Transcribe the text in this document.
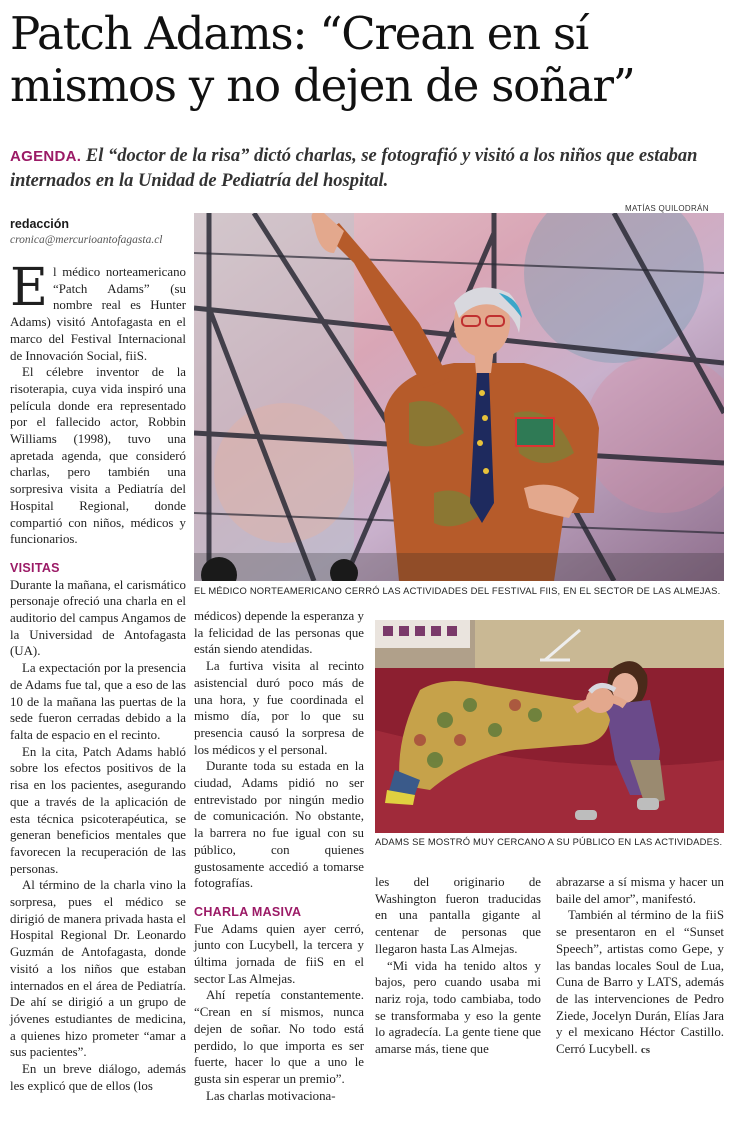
Patch Adams: “Crean en sí
mismos y no dejen de soñar”
AGENDA. El “doctor de la risa” dictó charlas, se fotografió y visitó a los niños que estaban internados en la Unidad de Pediatría del hospital.
redacción
cronica@mercurioantofagasta.cl
MATÍAS QUILODRÁN
EL MÉDICO NORTEAMERICANO CERRÓ LAS ACTIVIDADES DEL FESTIVAL FIIS, EN EL SECTOR DE LAS ALMEJAS.
ADAMS SE MOSTRÓ MUY CERCANO A SU PÚBLICO EN LAS ACTIVIDADES.

El médico norteamericano “Patch Adams” (su nombre real es Hunter Adams) visitó Antofagasta en el marco del Festival Internacional de Innovación Social, fiiS.

El célebre inventor de la risoterapia, cuya vida inspiró una película donde era representado por el fallecido actor, Robbin Williams (1998), tuvo una apretada agenda, que consideró charlas, pero también una sorpresiva visita a Pediatría del Hospital Regional, donde compartió con niños, médicos y funcionarios.

VISITAS

Durante la mañana, el carismático personaje ofreció una charla en el auditorio del campus Angamos de la Universidad de Antofagasta (UA).

La expectación por la presencia de Adams fue tal, que a eso de las 10 de la mañana las puertas de la sede fueron cerradas debido a la falta de espacio en el recinto.

En la cita, Patch Adams habló sobre los efectos positivos de la risa en los pacientes, asegurando que a través de la aplicación de esta técnica psicoterapéutica, se generan beneficios mentales que favorecen la recuperación de las personas.

Al término de la charla vino la sorpresa, pues el médico se dirigió de manera privada hasta el Hospital Regional Dr. Leonardo Guzmán de Antofagasta, donde visitó a los niños que estaban internados en el área de Pediatría. De ahí se dirigió a un grupo de jóvenes estudiantes de medicina, a quienes hizo prometer “amar a sus pacientes”.

En un breve diálogo, además les explicó que de ellos (los

médicos) depende la esperanza y la felicidad de las personas que están siendo atendidas.

La furtiva visita al recinto asistencial duró poco más de una hora, y fue coordinada el mismo día, por lo que su presencia causó la sorpresa de los médicos y el personal.

Durante toda su estada en la ciudad, Adams pidió no ser entrevistado por ningún medio de comunicación. No obstante, la barrera no fue igual con su público, con quienes gustosamente accedió a tomarse fotografías.

CHARLA MASIVA

Fue Adams quien ayer cerró, junto con Lucybell, la tercera y última jornada de fiiS en el sector Las Almejas.

Ahí repetía constantemente. “Crean en sí mismos, nunca dejen de soñar. No todo está perdido, lo que importa es ser fuerte, hacer lo que a uno le gusta sin esperar un premio”.

Las charlas motivaciona-

les del originario de Washington fueron traducidas en una pantalla gigante al centenar de personas que llegaron hasta Las Almejas.

“Mi vida ha tenido altos y bajos, pero cuando usaba mi nariz roja, todo cambiaba, todo se transformaba y eso la gente lo agradecía. La gente tiene que amarse más, tiene que

abrazarse a sí misma y hacer un baile del amor”, manifestó.

También al término de la fiiS se presentaron en el “Sunset Speech”, artistas como Gepe, y las bandas locales Soul de Lua, Cuna de Barro y LATS, además de las intervenciones de Pedro Ziede, Jocelyn Durán, Elías Jara y el mexicano Héctor Castillo. Cerró Lucybell. cs
